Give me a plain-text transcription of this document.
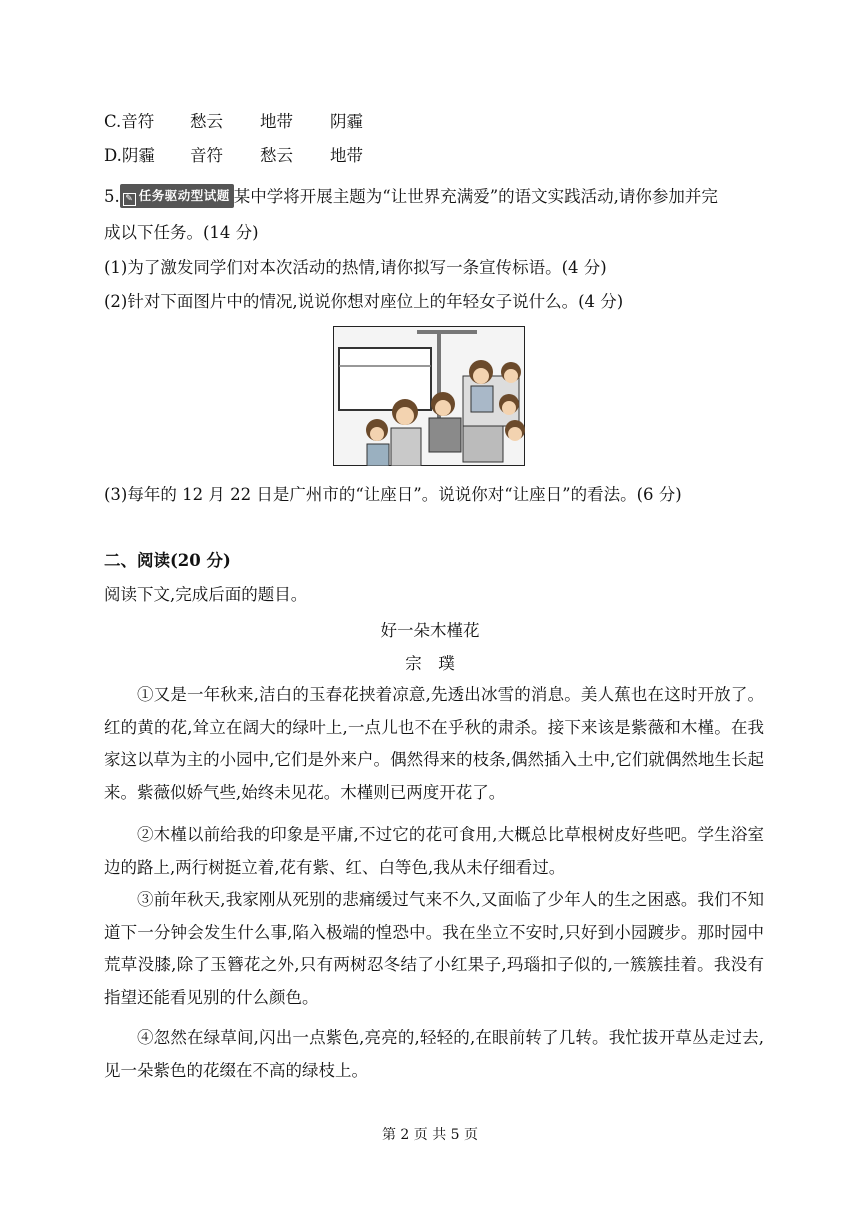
C.音符 愁云 地带 阴霾
D.阴霾 音符 愁云 地带
5. ✎ 任务驱动型试题 某中学将开展主题为“让世界充满爱”的语文实践活动,请你参加并完
成以下任务。(14 分)
(1)为了激发同学们对本次活动的热情,请你拟写一条宣传标语。(4 分)
(2)针对下面图片中的情况,说说你想对座位上的年轻女子说什么。(4 分)
(3)每年的 12 月 22 日是广州市的“让座日”。说说你对“让座日”的看法。(6 分)
二、阅读(20 分)
阅读下文,完成后面的题目。
好一朵木槿花
宗　璞
①又是一年秋来,洁白的玉春花挟着凉意,先透出冰雪的消息。美人蕉也在这时开放了。红的黄的花,耸立在阔大的绿叶上,一点儿也不在乎秋的肃杀。接下来该是紫薇和木槿。在我家这以草为主的小园中,它们是外来户。偶然得来的枝条,偶然插入土中,它们就偶然地生长起来。紫薇似娇气些,始终未见花。木槿则已两度开花了。
②木槿以前给我的印象是平庸,不过它的花可食用,大概总比草根树皮好些吧。学生浴室边的路上,两行树挺立着,花有紫、红、白等色,我从未仔细看过。
③前年秋天,我家刚从死别的悲痛缓过气来不久,又面临了少年人的生之困惑。我们不知道下一分钟会发生什么事,陷入极端的惶恐中。我在坐立不安时,只好到小园踱步。那时园中荒草没膝,除了玉簪花之外,只有两树忍冬结了小红果子,玛瑙扣子似的,一簇簇挂着。我没有指望还能看见别的什么颜色。
④忽然在绿草间,闪出一点紫色,亮亮的,轻轻的,在眼前转了几转。我忙拔开草丛走过去,见一朵紫色的花缀在不高的绿枝上。
第 2 页 共 5 页
